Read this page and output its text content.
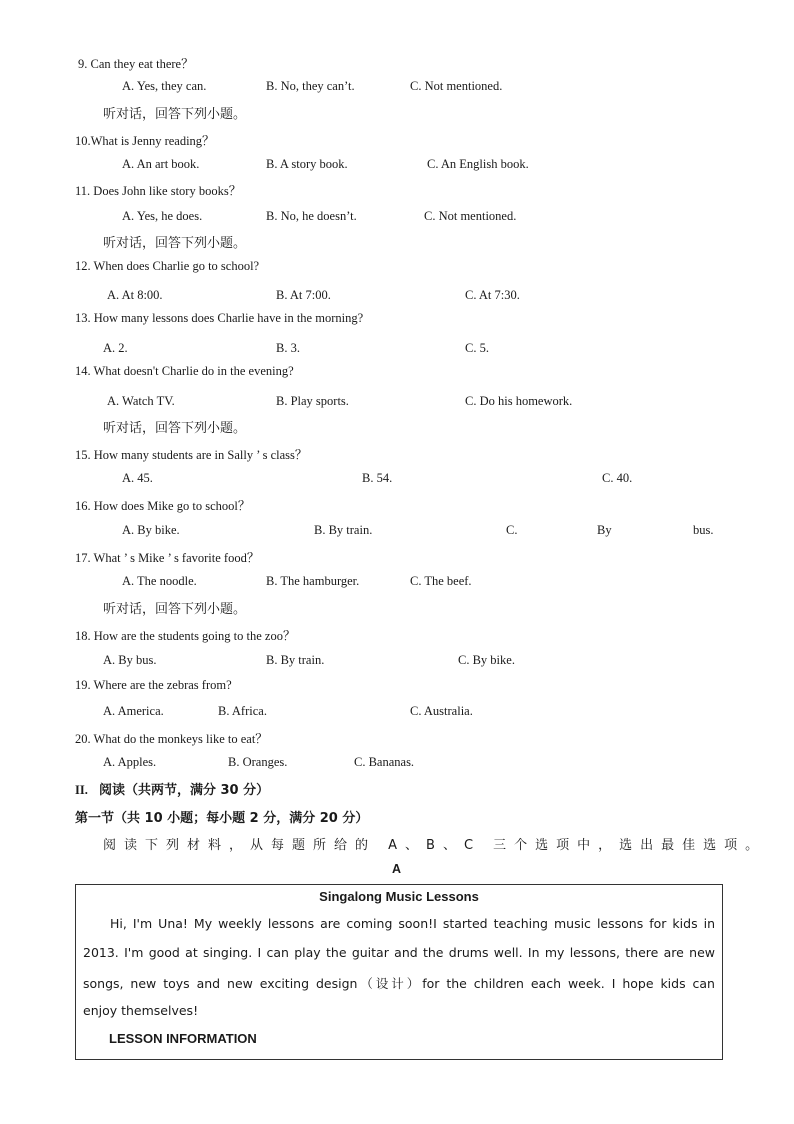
9. Can they eat there？
A. Yes, they can.	B. No, they can’t.	C. Not mentioned.
听对话，回答下列小题。
10.What is Jenny reading？
A. An art book.	B. A story book.	C. An English book.
11. Does John like story books？
A. Yes, he does.	B. No, he doesn’t.	C. Not mentioned.
听对话，回答下列小题。
12. When does Charlie go to school?
A. At 8:00.	B. At 7:00.	C. At 7:30.
13. How many lessons does Charlie have in the morning?
A. 2.	B. 3.	C. 5.
14. What doesn't Charlie do in the evening?
A. Watch TV.	B. Play sports.	C. Do his homework.
听对话，回答下列小题。
15. How many students are in Sally ’ s class？
A. 45.	B. 54.	C. 40.
16. How does Mike go to school？
A. By bike.	B. By train.	C.	By	bus.
17. What ’ s Mike ’ s favorite food？
A. The noodle.	B. The hamburger.	C. The beef.
听对话，回答下列小题。
18. How are the students going to the zoo？
A. By bus.	B. By train.	C. By bike.
19. Where are the zebras from?
A. America.	B. Africa.	C. Australia.
20. What do the monkeys like to eat？
A. Apples.	B. Oranges.	C. Bananas.
II. 阅读（共两节，满分 30 分）
第一节（共 10 小题；每小题 2 分，满分 20 分）
阅读下列材料，从每题所给的 A、B、C 三个选项中，选出最佳选项。
A
Singalong Music Lessons
Hi, I'm Una! My weekly lessons are coming soon!I started teaching music lessons for kids in
2013. I'm good at singing. I can play the guitar and the drums well. In my lessons, there are new
songs, new toys and new exciting design（设计）for the children each week. I hope kids can
enjoy themselves!
LESSON INFORMATION
